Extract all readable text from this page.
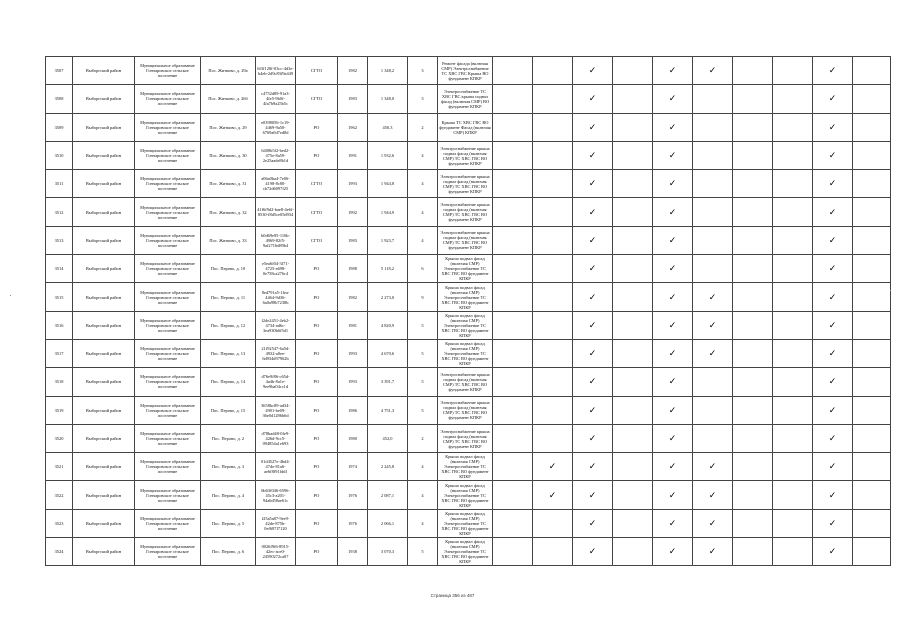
3507	Выборгский район	Муниципальное образование Гончаровское сельское поселение	Пос. Житково, д. 29a	6f3f128f-03cc-4d3e-b4eb-2d9c83f9a449	СГТО	1982	1 348,2	3	Ремонт фасада (включая СМР) Электроснабжение ТС ХВС ГВС Крыша ВО фундамент КПКР			✓		✓	✓			✓	
3508	Выборгский район	Муниципальное образование Гончаровское сельское поселение	Пос. Житково, д. 26б	c4752d89-91a3-4fe5-9b0f-4fa7b9a25b5c	СГТО	1983	1 348,0	3	Электроснабжение ТС ХВС ГВС крыша подвал фасад (включая СМР) ВО фундамент КПКР			✓		✓				✓	
3509	Выборгский район	Муниципальное образование Гончаровское сельское поселение	Пос. Житково, д. 29	e0398056-1c19-4469-9a50-6769a0d7ed8d	РО	1962	450,3	2	Крыша ТС ХВС ГВС ВО фундамент Фасад (включая СМР) КПКР			✓		✓				✓	
3510	Выборгский район	Муниципальное образование Гончаровское сельское поселение	Пос. Житково, д. 30	6408b5f2-bed2-475e-8a59-2e25aade8b1d	РО	1991	1 932,6	4	Электроснабжение крыша подвал фасад (включая СМР) ТС ХВС ГВС ВО фундамент КПКР			✓		✓				✓	
3511	Выборгский район	Муниципальное образование Гончаровское сельское поселение	Пос. Житково, д. 31	a06a0ba4-7e06-4198-8c80-cb72d6097f25	СГТО	1993	1 944,8	4	Электроснабжение крыша подвал фасад (включая СМР) ТС ХВС ГВС ВО фундамент КПКР			✓		✓				✓	
3512	Выборгский район	Муниципальное образование Гончаровское сельское поселение	Пос. Житково, д. 32	41f6f9d2-bae8-4e6f-8530-f8d5ce05d934	СГТО	1992	1 944,9	4	Электроснабжение крыша подвал фасад (включая СМР) ТС ХВС ГВС ВО фундамент КПКР			✓		✓				✓	
3513	Выборгский район	Муниципальное образование Гончаровское сельское поселение	Пос. Житково, д. 33	b0d69e95-116b-4969-82f5-9af2716d89b4	СГТО	1983	1 923,7	4	Электроснабжение крыша подвал фасад (включая СМР) ТС ХВС ГВС ВО фундамент КПКР			✓		✓				✓	
3514	Выборгский район	Муниципальное образование Гончаровское сельское поселение	Пос. Перово, д. 10	e5ea6f04-3f71-4725-a698-0e758ca276c4	РО	1988	5 118,2	6	Крыша подвал фасад (включая СМР) Электроснабжение ТС ХВС ГВС ВО фундамент КПКР			✓		✓				✓	
3515	Выборгский район	Муниципальное образование Гончаровское сельское поселение	Пос. Перово, д. 11	8ed791a5-1fea-4464-9d36-6a0a98b7238b	РО	1982	2 273,0	9	Крыша подвал фасад (включая СМР) Электроснабжение ТС ХВС ГВС ВО фундамент КПКР			✓		✓	✓			✓	
3516	Выборгский район	Муниципальное образование Гончаровское сельское поселение	Пос. Перово, д. 12	f2de2451-4eb2-4734-ad6c-3ea930b6f5d1	РО	1981	4 820,9	5	Крыша подвал фасад (включая СМР) Электроснабжение ТС ХВС ГВС ВО фундамент КПКР			✓		✓	✓			✓	
3517	Выборгский район	Муниципальное образование Гончаровское сельское поселение	Пос. Перово, д. 13	21f92547-6a5d-4932-a0ee-6d934d97962b	РО	1993	4 670,6	5	Крыша подвал фасад (включая СМР) Электроснабжение ТС ХВС ГВС ВО фундамент КПКР			✓		✓	✓			✓	
3518	Выборгский район	Муниципальное образование Гончаровское сельское поселение	Пос. Перово, д. 14	d76e9f86-c65d-4a4b-8a1e-9ee9ba04cc1d	РО	1993	3 391,7	5	Электроснабжение крыша подвал фасад (включая СМР) ТС ХВС ГВС ВО фундамент КПКР			✓		✓				✓	
3519	Выборгский район	Муниципальное образование Гончаровское сельское поселение	Пос. Перово, д. 15	3658bc89-ad34-4901-be09-36e0d1286b6d	РО	1986	4 751,3	5	Электроснабжение крыша подвал фасад (включая СМР) ТС ХВС ГВС ВО фундамент КПКР			✓		✓				✓	
3520	Выборгский район	Муниципальное образование Гончаровское сельское поселение	Пос. Перово, д. 2	d78bad48-0fe9-426d-9cc5-094854a1e693	РО	1980	452,0	2	Электроснабжение крыша подвал фасад (включая СМР) ТС ХВС ГВС ВО фундамент КПКР			✓		✓				✓	
3521	Выборгский район	Муниципальное образование Гончаровское сельское поселение	Пос. Перово, д. 3	01d4527e-4bd4-47de-81a6-ae6f8f91fddf	РО	1974	2 245,8	4	Крыша подвал фасад (включая СМР) Электроснабжение ТС ХВС ГВС ВО фундамент КПКР		✓	✓		✓	✓			✓	
3522	Выборгский район	Муниципальное образование Гончаровское сельское поселение	Пос. Перово, д. 4	6b63f046-6596-45c3-a201-94a6d58ae61c	РО	1976	2 087,1	4	Крыша подвал фасад (включая СМР) Электроснабжение ТС ХВС ГВС ВО фундамент КПКР		✓	✓		✓	✓			✓	
3523	Выборгский район	Муниципальное образование Гончаровское сельское поселение	Пос. Перово, д. 5	f25a5a87-9ee9-42de-875b-0ef687f7120	РО	1976	2 066,1	4	Крыша подвал фасад (включая СМР) Электроснабжение ТС ХВС ГВС ВО фундамент КПКР			✓		✓	✓			✓	
3524	Выборгский район	Муниципальное образование Гончаровское сельское поселение	Пос. Перово, д. 6	0026f9f6-8915-42ec-ace0-24590272ca07	РО	1938	3 070,3	5	Крыша подвал фасад (включая СМР) Электроснабжение ТС ХВС ГВС ВО фундамент КПКР			✓		✓	✓			✓	
Страница 356 из 487
